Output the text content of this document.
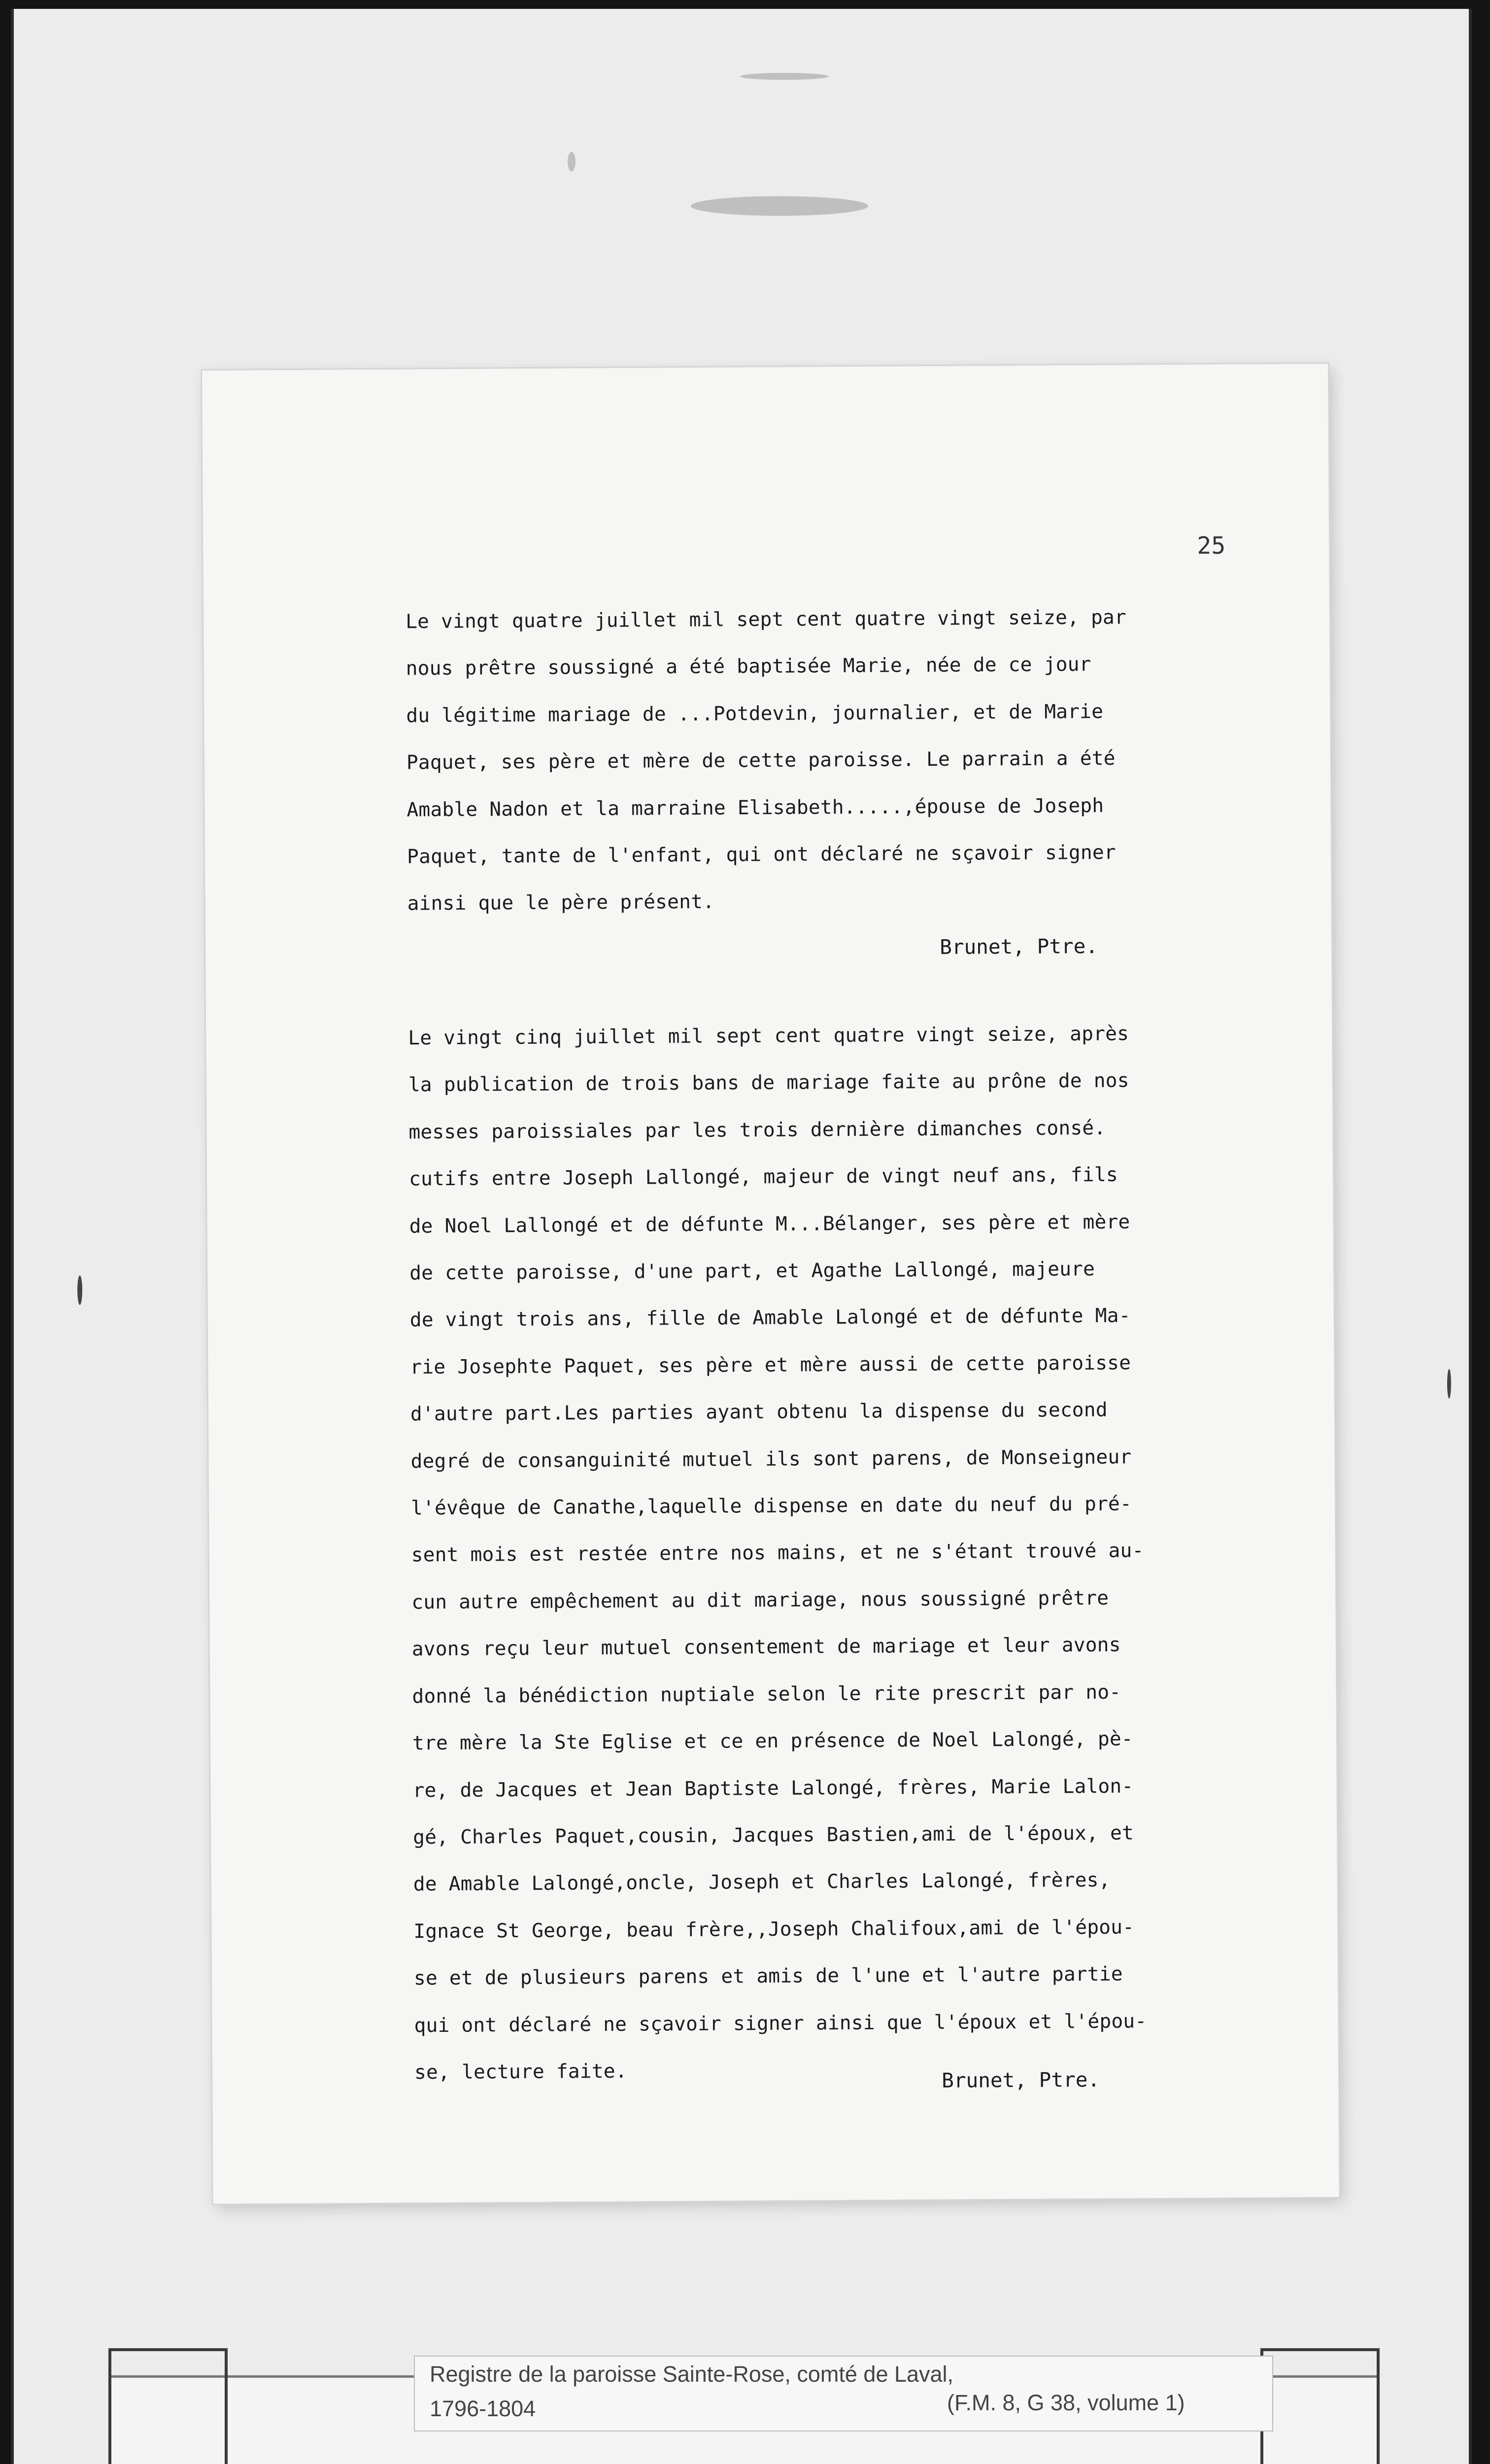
25

Le vingt quatre juillet mil sept cent quatre vingt seize, par

nous prêtre soussigné a été baptisée Marie, née de ce jour

du légitime mariage de ...Potdevin, journalier, et de Marie

Paquet, ses père et mère de cette paroisse. Le parrain a été

Amable Nadon et la marraine Elisabeth.....,épouse de Joseph

Paquet, tante de l'enfant, qui ont déclaré ne sçavoir signer

ainsi que le père présent.

Brunet, Ptre.

Le vingt cinq juillet mil sept cent quatre vingt seize, après

la publication de trois bans de mariage faite au prône de nos

messes paroissiales par les trois dernière dimanches consé.

cutifs entre Joseph Lallongé, majeur de vingt neuf ans, fils

de Noel Lallongé et de défunte M...Bélanger, ses père et mère

de cette paroisse, d'une part, et Agathe Lallongé, majeure

de vingt trois ans, fille de Amable Lalongé et de défunte Ma-

rie Josephte Paquet, ses père et mère aussi de cette paroisse

d'autre part.Les parties ayant obtenu la dispense du second

degré de consanguinité mutuel ils sont parens, de Monseigneur

l'évêque de Canathe,laquelle dispense en date du neuf du pré-

sent mois est restée entre nos mains, et ne s'étant trouvé au-

cun autre empêchement au dit mariage, nous soussigné prêtre

avons reçu leur mutuel consentement de mariage et leur avons

donné la bénédiction nuptiale selon le rite prescrit par no-

tre mère la Ste Eglise et ce en présence de Noel Lalongé, pè-

re, de Jacques et Jean Baptiste Lalongé, frères, Marie Lalon-

gé, Charles Paquet,cousin, Jacques Bastien,ami de l'époux, et

de Amable Lalongé,oncle, Joseph et Charles Lalongé, frères,

Ignace St George, beau frère,,Joseph Chalifoux,ami de l'épou-

se et de plusieurs parens et amis de l'une et l'autre partie

qui ont déclaré ne sçavoir signer ainsi que l'époux et l'épou-

se, lecture faite.	Brunet, Ptre.
Registre de la paroisse Sainte-Rose, comté de Laval,
1796-1804	(F.M. 8, G 38, volume 1)
